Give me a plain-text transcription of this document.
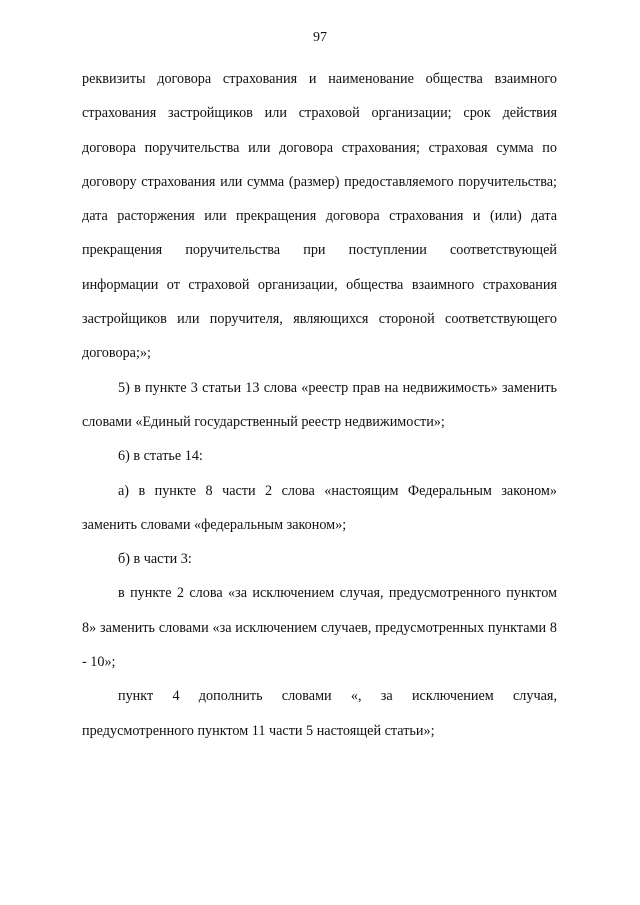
97

реквизиты договора страхования и наименование общества взаимного страхования застройщиков или страховой организации; срок действия договора поручительства или договора страхования; страховая сумма по договору страхования или сумма (размер) предоставляемого поручительства; дата расторжения или прекращения договора страхования и (или) дата прекращения поручительства при поступлении соответствующей информации от страховой организации, общества взаимного страхования застройщиков или поручителя, являющихся стороной соответствующего договора;»;

5) в пункте 3 статьи 13 слова «реестр прав на недвижимость» заменить словами «Единый государственный реестр недвижимости»;

6) в статье 14:

а) в пункте 8 части 2 слова «настоящим Федеральным законом» заменить словами «федеральным законом»;

б) в части 3:

в пункте 2 слова «за исключением случая, предусмотренного пунктом 8» заменить словами «за исключением случаев, предусмотренных пунктами 8 - 10»;

пункт 4 дополнить словами «, за исключением случая, предусмотренного пунктом 11 части 5 настоящей статьи»;
